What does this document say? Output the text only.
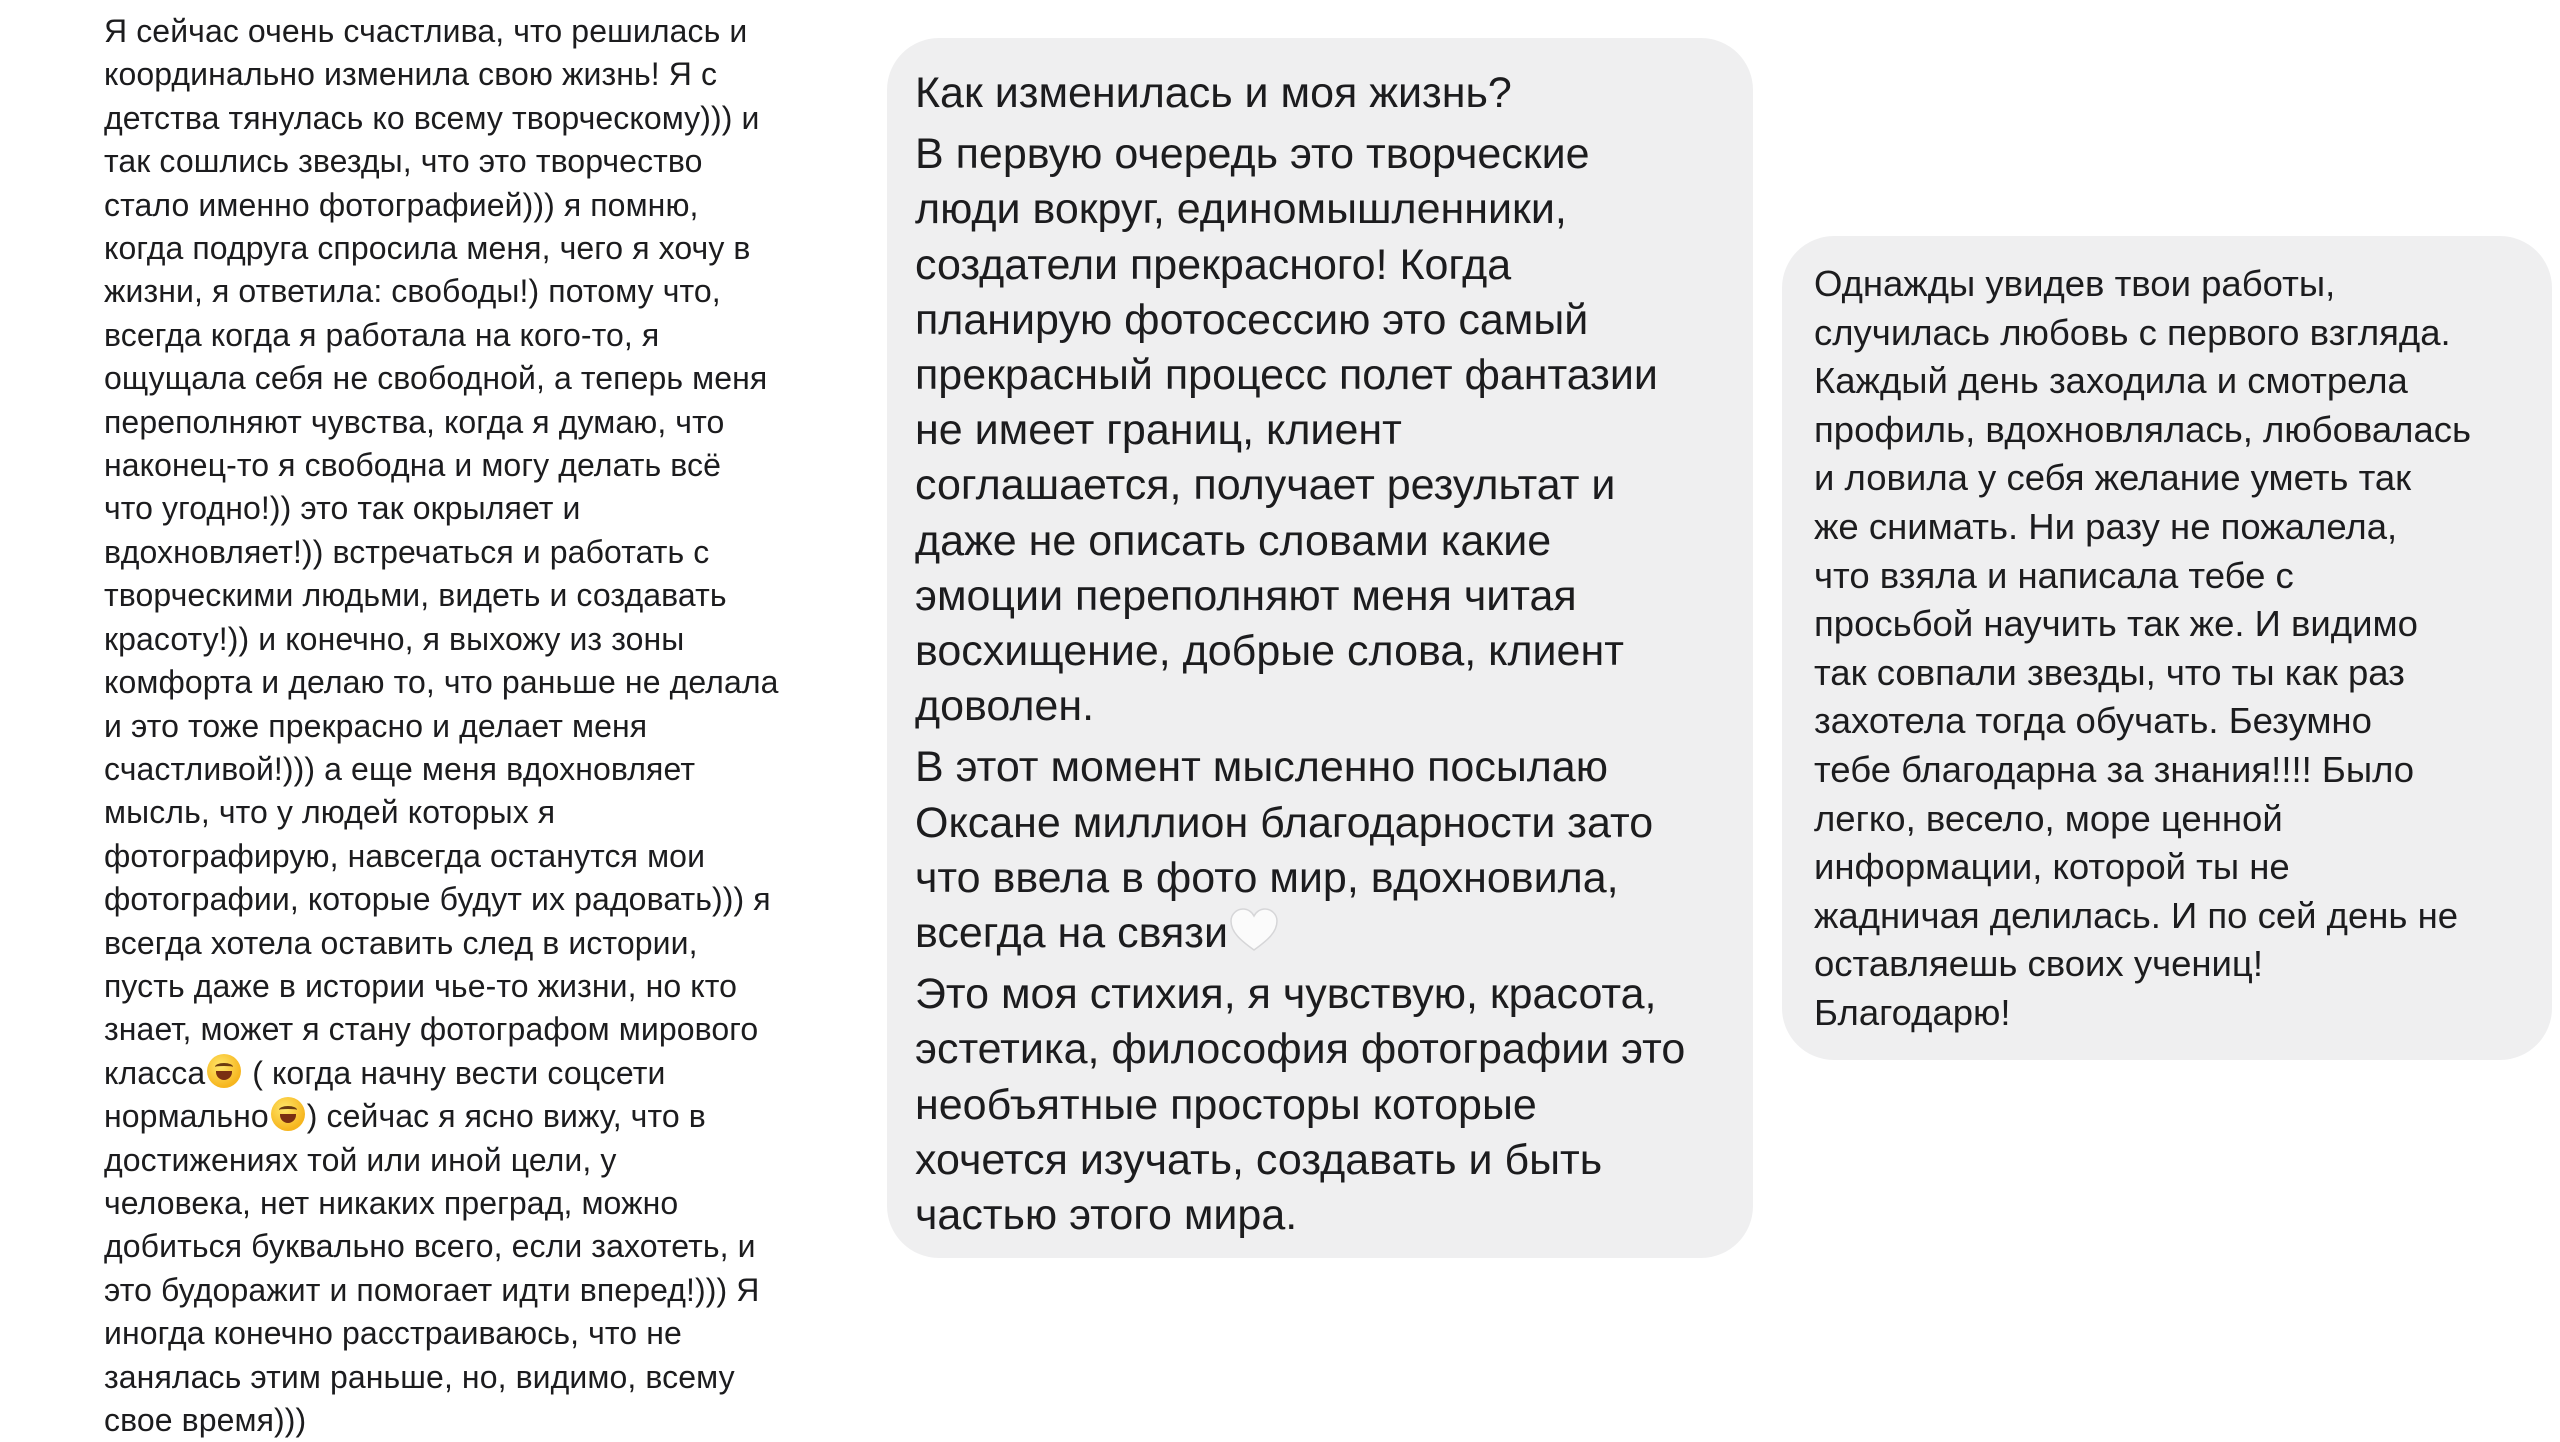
Я сейчас очень счастлива, что решилась и
координально изменила свою жизнь! Я с
детства тянулась ко всему творческому))) и
так сошлись звезды, что это творчество
стало именно фотографией))) я помню,
когда подруга спросила меня, чего я хочу в
жизни, я ответила: свободы!) потому что,
всегда когда я работала на кого-то, я
ощущала себя не свободной, а теперь меня
переполняют чувства, когда я думаю, что
наконец-то я свободна и могу делать всё
что угодно!)) это так окрыляет и
вдохновляет!)) встречаться и работать с
творческими людьми, видеть и создавать
красоту!)) и конечно, я выхожу из зоны
комфорта и делаю то, что раньше не делала
и это тоже прекрасно и делает меня
счастливой!))) а еще меня вдохновляет
мысль, что у людей которых я
фотографирую, навсегда останутся мои
фотографии, которые будут их радовать))) я
всегда хотела оставить след в истории,
пусть даже в истории чье-то жизни, но кто
знает, может я стану фотографом мирового
класса ( когда начну вести соцсети
нормально ) сейчас я ясно вижу, что в
достижениях той или иной цели, у
человека, нет никаких преград, можно
добиться буквально всего, если захотеть, и
это будоражит и помогает идти вперед!))) Я
иногда конечно расстраиваюсь, что не
занялась этим раньше, но, видимо, всему
свое время)))
Как изменилась и моя жизнь?
В первую очередь это творческие
люди вокруг, единомышленники,
создатели прекрасного! Когда
планирую фотосессию это самый
прекрасный процесс полет фантазии
не имеет границ, клиент
соглашается, получает результат и
даже не описать словами какие
эмоции переполняют меня читая
восхищение, добрые слова, клиент
доволен.
В этот момент мысленно посылаю
Оксане миллион благодарности зато
что ввела в фото мир, вдохновила,
всегда на связи
Это моя стихия, я чувствую, красота,
эстетика, философия фотографии это
необъятные просторы которые
хочется изучать, создавать и быть
частью этого мира.
Однажды увидев твои работы,
случилась любовь с первого взгляда.
Каждый день заходила и смотрела
профиль, вдохновлялась, любовалась
и ловила у себя желание уметь так
же снимать. Ни разу не пожалела,
что взяла и написала тебе с
просьбой научить так же. И видимо
так совпали звезды, что ты как раз
захотела тогда обучать. Безумно
тебе благодарна за знания!!!! Было
легко, весело, море ценной
информации, которой ты не
жадничая делилась. И по сей день не
оставляешь своих учениц!
Благодарю!
